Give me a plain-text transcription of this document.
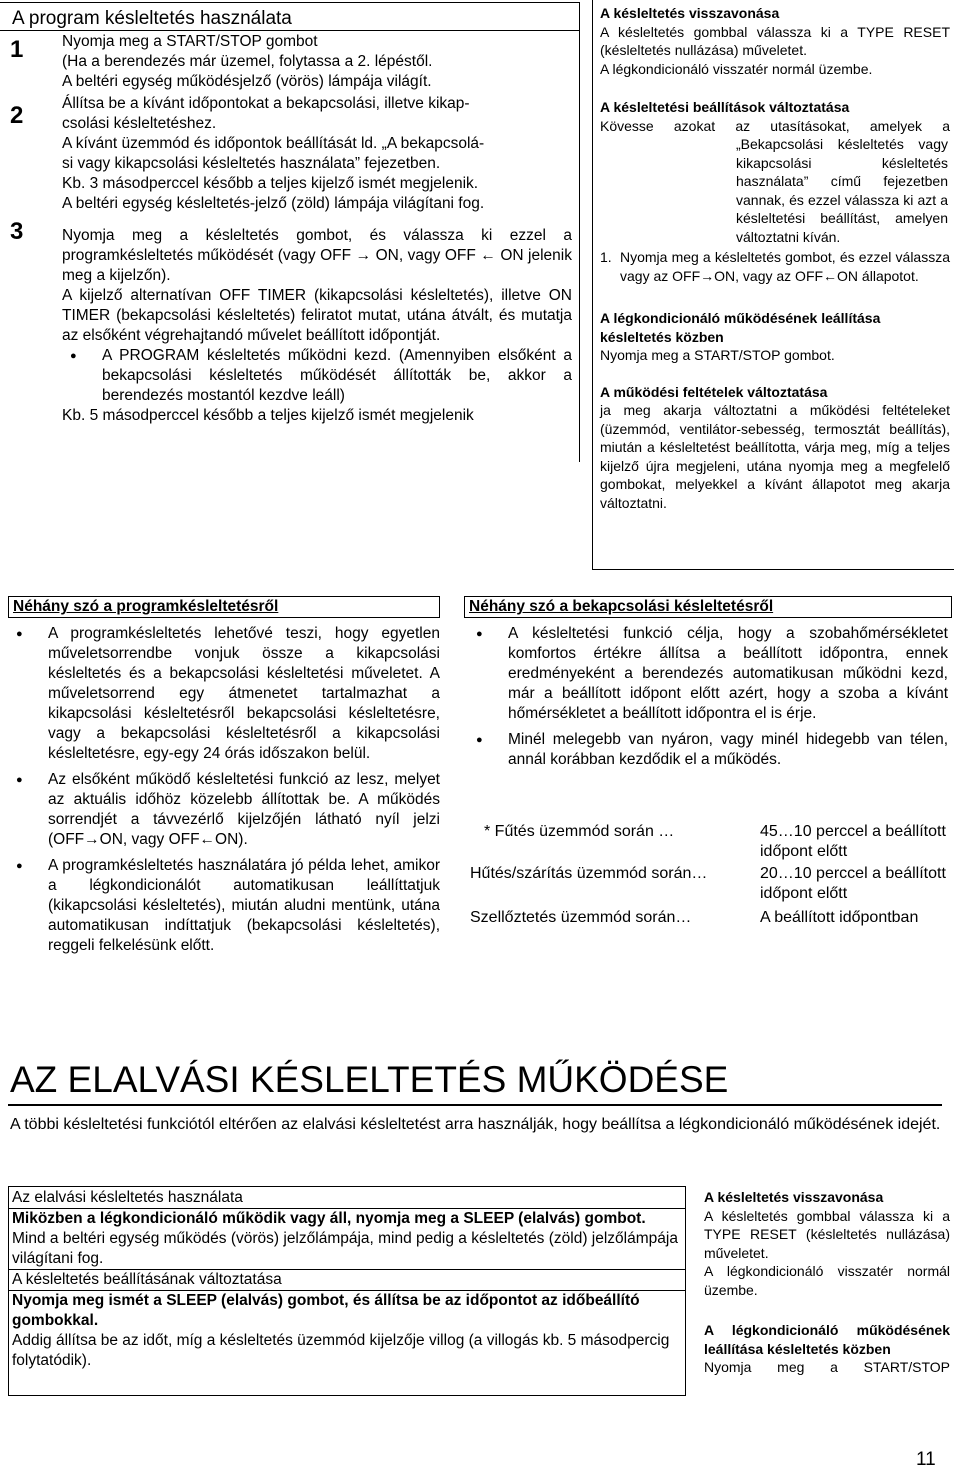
A program késleltetés használata

1 Nyomja meg a START/STOP gombot

(Ha a berendezés már üzemel, folytassa a 2. lépéstől.

A beltéri egység működésjelző (vörös) lámpája világít.

2 Állítsa be a kívánt időpontokat a bekapcsolási, illetve kikap-

csolási késleltetéshez.

A kívánt üzemmód és időpontok beállítását ld. „A bekapcsolá-

si vagy kikapcsolási késleltetés használata” fejezetben.

Kb. 3 másodperccel később a teljes kijelző ismét megjelenik.

A beltéri egység késleltetés-jelző (zöld) lámpája világítani fog.

3 Nyomja meg a késleltetés gombot, és válassza ki ezzel a programkésleltetés működését (vagy OFF → ON, vagy OFF ← ON jelenik meg a kijelzőn).

A kijelző alternatívan OFF TIMER (kikapcsolási késleltetés), illetve ON TIMER (bekapcsolási késleltetés) feliratot mutat, utána átvált, és mutatja az elsőként végrehajtandó művelet beállított időpontját.

● A PROGRAM késleltetés működni kezd. (Amennyiben elsőként a bekapcsolási késleltetés működését állították be, akkor a berendezés mostantól kezdve leáll)

Kb. 5 másodperccel később a teljes kijelző ismét megjelenik

A késleltetés visszavonása

A késleltetés gombbal válassza ki a TYPE RESET (késleltetés nullázása) műveletet.

A légkondicionáló visszatér normál üzembe.

A késleltetési beállítások változtatása

Kövesse azokat az utasításokat, amelyek a

„Bekapcsolási késleltetés vagy kikapcsolási késleltetés használata” című fejezetben vannak, és ezzel válassza ki azt a késleltetési beállítást, amelyen változtatni kíván.

1. Nyomja meg a késleltetés gombot, és ezzel válassza vagy az OFF→ON, vagy az OFF←ON állapotot.

A légkondicionáló működésének leállítása késleltetés közben

Nyomja meg a START/STOP gombot.

A működési feltételek változtatása

ja meg akarja változtatni a működési feltételeket (üzemmód, ventilátor-sebesség, termosztát beállítás), miután a késleltetést beállította, várja meg, míg a teljes kijelző újra megjeleni, utána nyomja meg a megfelelő gombokat, melyekkel a kívánt állapotot meg akarja változtatni.

Néhány szó a programkésleltetésről

● A programkésleltetés lehetővé teszi, hogy egyetlen műveletsorrendbe vonjuk össze a kikapcsolási késleltetés és a bekapcsolási késleltetési műveletet. A műveletsorrend egy átmenetet tartalmazhat a kikapcsolási késleltetésről bekapcsolási késleltetésre, vagy a bekapcsolási késleltetésről a kikapcsolási késleltetésre, egy-egy 24 órás időszakon belül.
● Az elsőként működő késleltetési funkció az lesz, melyet az aktuális időhöz közelebb állítottak be. A működés sorrendjét a távvezérlő kijelzőjén látható nyíl jelzi (OFF→ON, vagy OFF←ON).
● A programkésleltetés használatára jó példa lehet, amikor a légkondicionálót automatikusan leállíttatjuk (kikapcsolási késleltetés), miután aludni mentünk, utána automatikusan indíttatjuk (bekapcsolási késleltetés), reggeli felkelésünk előtt.

Néhány szó a bekapcsolási késleltetésről

● A késleltetési funkció célja, hogy a szobahőmérsékletet komfortos értékre állítsa a beállított időpontra, ennek eredményeként a berendezés automatikusan működni kezd, már a beállított időpont előtt azért, hogy a szoba a kívánt hőmérsékletet a beállított időpontra el is érje.
● Minél melegebb van nyáron, vagy minél hidegebb van télen, annál korábban kezdődik el a működés.
* Fűtés üzemmód során …	45…10 perccel a beállított időpont előtt
Hűtés/szárítás üzemmód során…	20…10 perccel a beállított időpont előtt
Szellőztetés üzemmód során…	A beállított időpontban
AZ ELALVÁSI KÉSLELTETÉS MŰKÖDÉSE
A többi késleltetési funkciótól eltérően az elalvási késleltetést arra használják, hogy beállítsa a légkondicionáló működésének idejét.

Az elalvási késleltetés használata

Miközben a légkondicionáló működik vagy áll, nyomja meg a SLEEP (elalvás) gombot.

Mind a beltéri egység működés (vörös) jelzőlámpája, mind pedig a késleltetés (zöld) jelzőlámpája világítani fog.

A késleltetés beállításának változtatása

Nyomja meg ismét a SLEEP (elalvás) gombot, és állítsa be az időpontot az időbeállító gombokkal.

Addig állítsa be az időt, míg a késleltetés üzemmód kijelzője villog (a villogás kb. 5 másodpercig folytatódik).

A késleltetés visszavonása

A késleltetés gombbal válassza ki a TYPE RESET (késleltetés nullázása) műveletet.

A légkondicionáló visszatér normál üzembe.

A légkondicionáló működésének leállítása késleltetés közben

Nyomja meg a START/STOP

11
